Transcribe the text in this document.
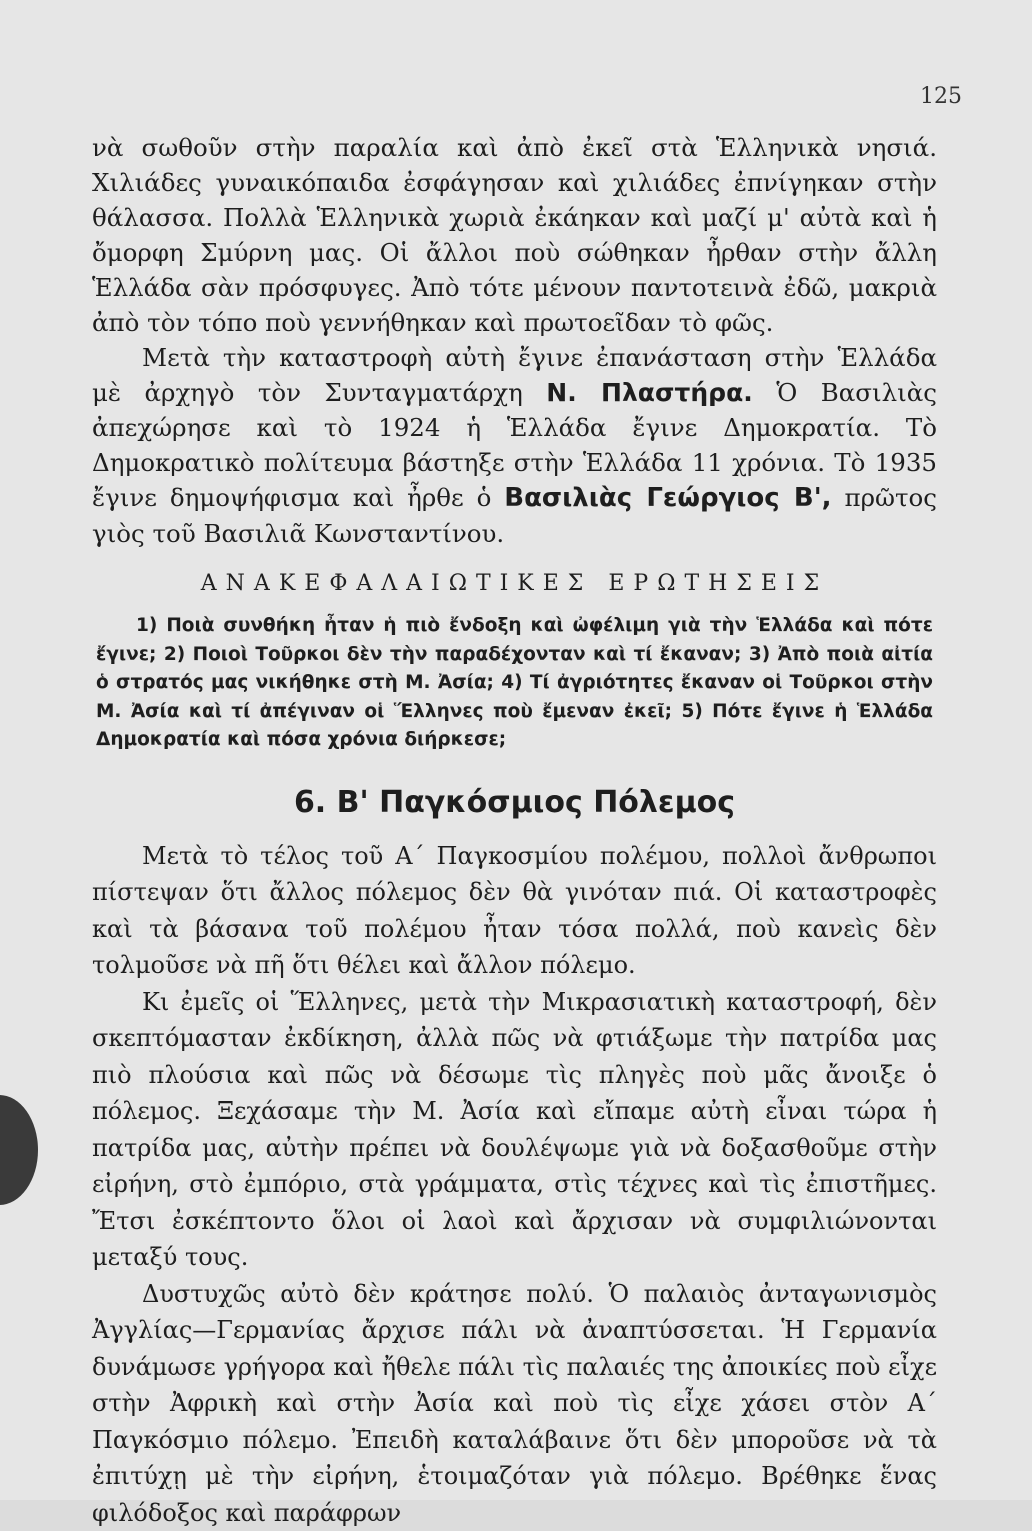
125

νὰ σωθοῦν στὴν παραλία καὶ ἀπὸ ἐκεῖ στὰ Ἑλληνικὰ νησιά. Χιλιάδες γυναικόπαιδα ἐσφάγησαν καὶ χιλιάδες ἐπνίγηκαν στὴν θάλασσα. Πολλὰ Ἑλληνικὰ χωριὰ ἐκάηκαν καὶ μαζί μ' αὐτὰ καὶ ἡ ὄμορφη Σμύρνη μας. Οἱ ἄλλοι ποὺ σώθηκαν ἦρθαν στὴν ἄλλη Ἑλλάδα σὰν πρόσφυγες. Ἀπὸ τότε μένουν παντοτεινὰ ἐδῶ, μακριὰ ἀπὸ τὸν τόπο ποὺ γεννήθηκαν καὶ πρωτοεῖδαν τὸ φῶς.

Μετὰ τὴν καταστροφὴ αὐτὴ ἔγινε ἐπανάσταση στὴν Ἑλλάδα μὲ ἀρχηγὸ τὸν Συνταγματάρχη Ν. Πλαστήρα. Ὁ Βασιλιὰς ἀπεχώρησε καὶ τὸ 1924 ἡ Ἑλλάδα ἔγινε Δημοκρατία. Τὸ Δημοκρατικὸ πολίτευμα βάστηξε στὴν Ἑλλάδα 11 χρόνια. Τὸ 1935 ἔγινε δημοψήφισμα καὶ ἦρθε ὁ Βασιλιὰς Γεώργιος Β', πρῶτος γιὸς τοῦ Βασιλιᾶ Κωνσταντίνου.

ΑΝΑΚΕΦΑΛΑΙΩΤΙΚΕΣ ΕΡΩΤΗΣΕΙΣ

1) Ποιὰ συνθήκη ἦταν ἡ πιὸ ἔνδοξη καὶ ὠφέλιμη γιὰ τὴν Ἑλλάδα καὶ πότε ἔγινε; 2) Ποιοὶ Τοῦρκοι δὲν τὴν παραδέχονταν καὶ τί ἔκαναν; 3) Ἀπὸ ποιὰ αἰτία ὁ στρατός μας νικήθηκε στὴ Μ. Ἀσία; 4) Τί ἀγριότητες ἔκαναν οἱ Τοῦρκοι στὴν Μ. Ἀσία καὶ τί ἀπέγιναν οἱ Ἕλληνες ποὺ ἔμεναν ἐκεῖ; 5) Πότε ἔγινε ἡ Ἑλλάδα Δημοκρατία καὶ πόσα χρόνια διήρκεσε;

6. Β' Παγκόσμιος Πόλεμος

Μετὰ τὸ τέλος τοῦ Α΄ Παγκοσμίου πολέμου, πολλοὶ ἄνθρωποι πίστεψαν ὅτι ἄλλος πόλεμος δὲν θὰ γινόταν πιά. Οἱ καταστροφὲς καὶ τὰ βάσανα τοῦ πολέμου ἦταν τόσα πολλά, ποὺ κανεὶς δὲν τολμοῦσε νὰ πῆ ὅτι θέλει καὶ ἄλλον πόλεμο.

Κι ἐμεῖς οἱ Ἕλληνες, μετὰ τὴν Μικρασιατικὴ καταστροφή, δὲν σκεπτόμασταν ἐκδίκηση, ἀλλὰ πῶς νὰ φτιάξωμε τὴν πατρίδα μας πιὸ πλούσια καὶ πῶς νὰ δέσωμε τὶς πληγὲς ποὺ μᾶς ἄνοιξε ὁ πόλεμος. Ξεχάσαμε τὴν Μ. Ἀσία καὶ εἴπαμε αὐτὴ εἶναι τώρα ἡ πατρίδα μας, αὐτὴν πρέπει νὰ δουλέψωμε γιὰ νὰ δοξασθοῦμε στὴν εἰρήνη, στὸ ἐμπόριο, στὰ γράμματα, στὶς τέχνες καὶ τὶς ἐπιστῆμες. Ἔτσι ἐσκέπτοντο ὅλοι οἱ λαοὶ καὶ ἄρχισαν νὰ συμφιλιώνονται μεταξύ τους.

Δυστυχῶς αὐτὸ δὲν κράτησε πολύ. Ὁ παλαιὸς ἀνταγωνισμὸς Ἀγγλίας—Γερμανίας ἄρχισε πάλι νὰ ἀναπτύσσεται. Ἡ Γερμανία δυνάμωσε γρήγορα καὶ ἤθελε πάλι τὶς παλαιές της ἀποικίες ποὺ εἶχε στὴν Ἀφρικὴ καὶ στὴν Ἀσία καὶ ποὺ τὶς εἶχε χάσει στὸν Α΄ Παγκόσμιο πόλεμο. Ἐπειδὴ καταλάβαινε ὅτι δὲν μποροῦσε νὰ τὰ ἐπιτύχῃ μὲ τὴν εἰρήνη, ἑτοιμαζόταν γιὰ πόλεμο. Βρέθηκε ἕνας φιλόδοξος καὶ παράφρων
